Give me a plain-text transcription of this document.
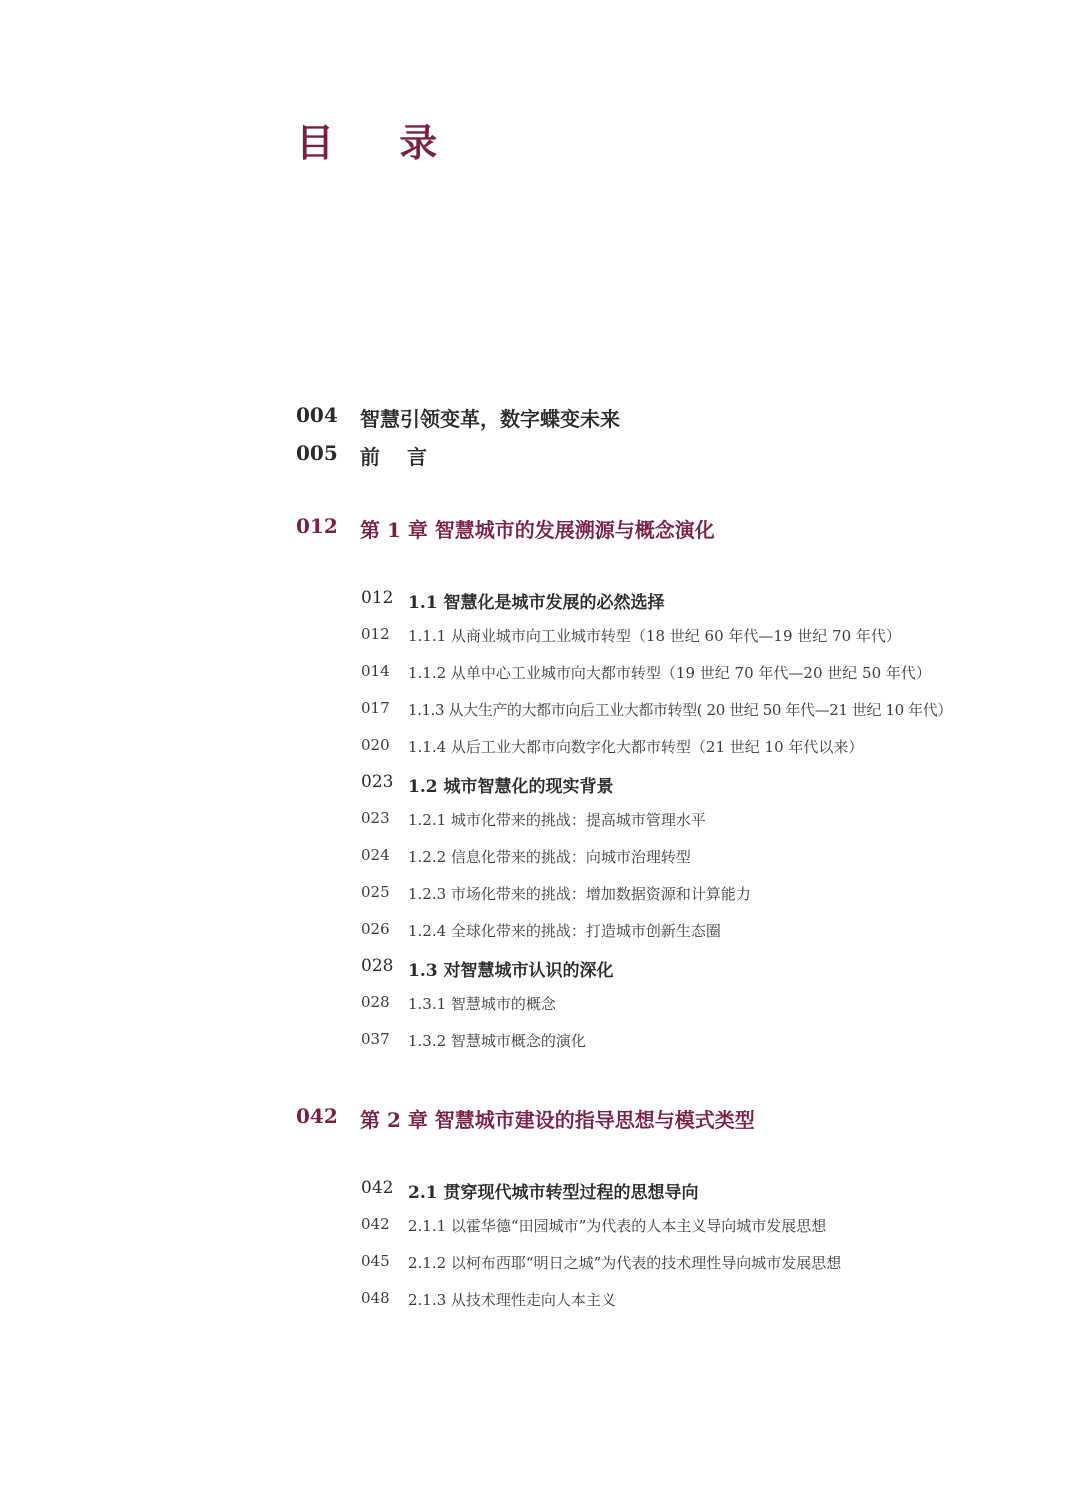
目 录
004 智慧引领变革，数字蝶变未来
005 前 言
012 第 1 章 智慧城市的发展溯源与概念演化
012 1.1 智慧化是城市发展的必然选择
012 1.1.1 从商业城市向工业城市转型（18 世纪 60 年代—19 世纪 70 年代）
014 1.1.2 从单中心工业城市向大都市转型（19 世纪 70 年代—20 世纪 50 年代）
017 1.1.3 从大生产的大都市向后工业大都市转型( 20 世纪 50 年代—21 世纪 10 年代）
020 1.1.4 从后工业大都市向数字化大都市转型（21 世纪 10 年代以来）
023 1.2 城市智慧化的现实背景
023 1.2.1 城市化带来的挑战：提高城市管理水平
024 1.2.2 信息化带来的挑战：向城市治理转型
025 1.2.3 市场化带来的挑战：增加数据资源和计算能力
026 1.2.4 全球化带来的挑战：打造城市创新生态圈
028 1.3 对智慧城市认识的深化
028 1.3.1 智慧城市的概念
037 1.3.2 智慧城市概念的演化
042 第 2 章 智慧城市建设的指导思想与模式类型
042 2.1 贯穿现代城市转型过程的思想导向
042 2.1.1 以霍华德“田园城市”为代表的人本主义导向城市发展思想
045 2.1.2 以柯布西耶“明日之城”为代表的技术理性导向城市发展思想
048 2.1.3 从技术理性走向人本主义
